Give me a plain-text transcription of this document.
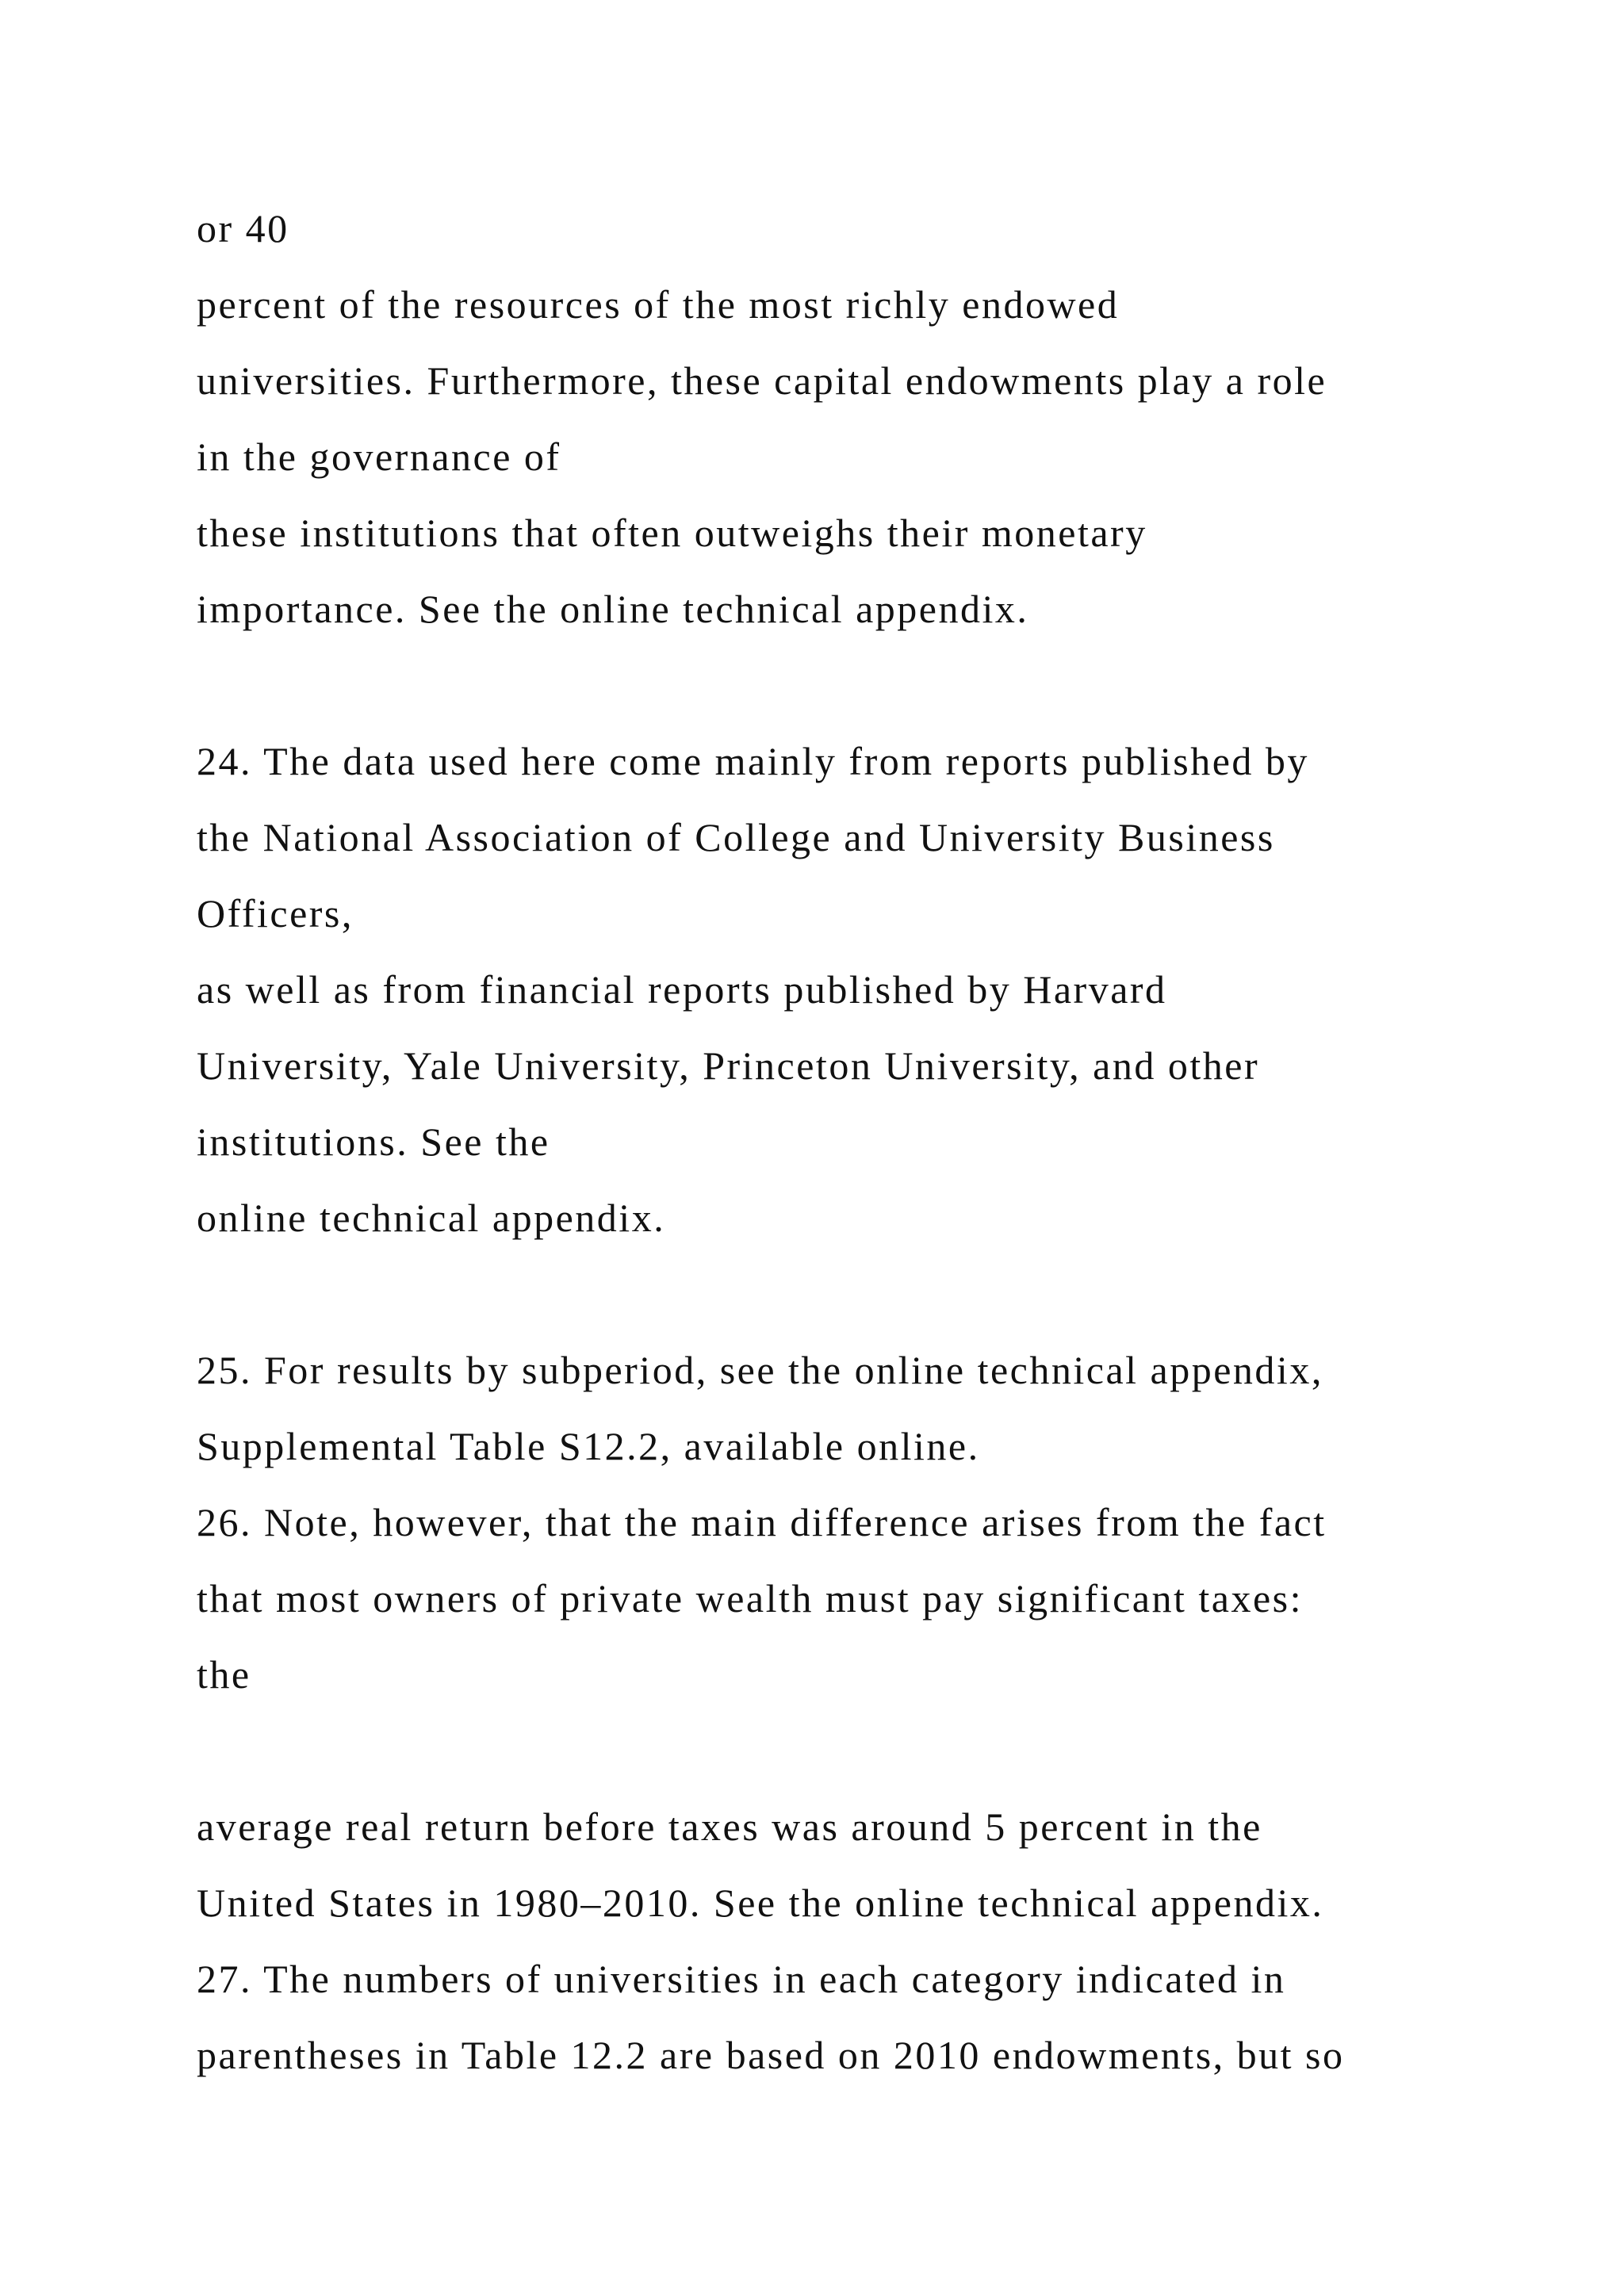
or 40
percent of the resources of the most richly endowed
universities. Furthermore, these capital endowments play a role
in the governance of
these institutions that often outweighs their monetary
importance. See the online technical appendix.
24. The data used here come mainly from reports published by
the National Association of College and University Business
Officers,
as well as from financial reports published by Harvard
University, Yale University, Princeton University, and other
institutions. See the
online technical appendix.
25. For results by subperiod, see the online technical appendix,
Supplemental Table S12.2, available online.
26. Note, however, that the main difference arises from the fact
that most owners of private wealth must pay significant taxes:
the
average real return before taxes was around 5 percent in the
United States in 1980–2010. See the online technical appendix.
27. The numbers of universities in each category indicated in
parentheses in Table 12.2 are based on 2010 endowments, but so
